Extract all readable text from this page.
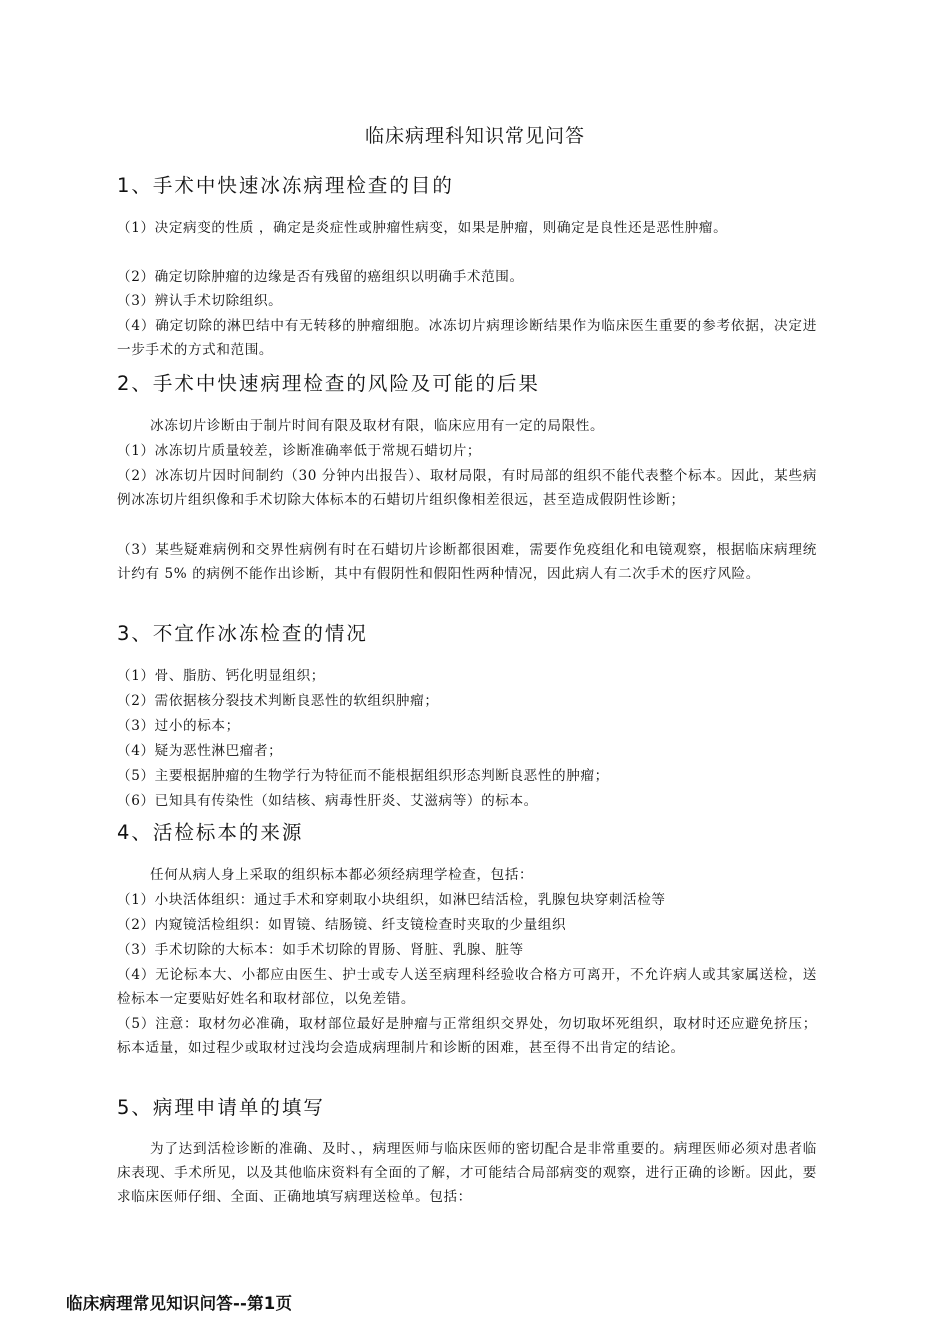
临床病理科知识常见问答
1、手术中快速冰冻病理检查的目的
（1）决定病变的性质 ，确定是炎症性或肿瘤性病变，如果是肿瘤，则确定是良性还是恶性肿瘤。
（2）确定切除肿瘤的边缘是否有残留的癌组织以明确手术范围。
（3）辨认手术切除组织。
（4）确定切除的淋巴结中有无转移的肿瘤细胞。冰冻切片病理诊断结果作为临床医生重要的参考依据，决定进一步手术的方式和范围。
2、手术中快速病理检查的风险及可能的后果
冰冻切片诊断由于制片时间有限及取材有限，临床应用有一定的局限性。
（1）冰冻切片质量较差，诊断准确率低于常规石蜡切片；
（2）冰冻切片因时间制约（30 分钟内出报告）、取材局限，有时局部的组织不能代表整个标本。因此，某些病例冰冻切片组织像和手术切除大体标本的石蜡切片组织像相差很远，甚至造成假阴性诊断；
（3）某些疑难病例和交界性病例有时在石蜡切片诊断都很困难，需要作免疫组化和电镜观察，根据临床病理统计约有 5% 的病例不能作出诊断，其中有假阴性和假阳性两种情况，因此病人有二次手术的医疗风险。
3、不宜作冰冻检查的情况
（1）骨、脂肪、钙化明显组织；
（2）需依据核分裂技术判断良恶性的软组织肿瘤；
（3）过小的标本；
（4）疑为恶性淋巴瘤者；
（5）主要根据肿瘤的生物学行为特征而不能根据组织形态判断良恶性的肿瘤；
（6）已知具有传染性（如结核、病毒性肝炎、艾滋病等）的标本。
4、活检标本的来源
任何从病人身上采取的组织标本都必须经病理学检查，包括：
（1）小块活体组织：通过手术和穿刺取小块组织，如淋巴结活检，乳腺包块穿刺活检等
（2）内窥镜活检组织：如胃镜、结肠镜、纤支镜检查时夹取的少量组织
（3）手术切除的大标本：如手术切除的胃肠、肾脏、乳腺、脏等
（4）无论标本大、小都应由医生、护士或专人送至病理科经验收合格方可离开，不允许病人或其家属送检，送检标本一定要贴好姓名和取材部位，以免差错。
（5）注意：取材勿必准确，取材部位最好是肿瘤与正常组织交界处，勿切取坏死组织，取材时还应避免挤压；标本适量，如过程少或取材过浅均会造成病理制片和诊断的困难，甚至得不出肯定的结论。
5、病理申请单的填写
为了达到活检诊断的准确、及时、，病理医师与临床医师的密切配合是非常重要的。病理医师必须对患者临床表现、手术所见，以及其他临床资料有全面的了解，才可能结合局部病变的观察，进行正确的诊断。因此，要求临床医师仔细、全面、正确地填写病理送检单。包括：
临床病理常见知识问答--第1页
